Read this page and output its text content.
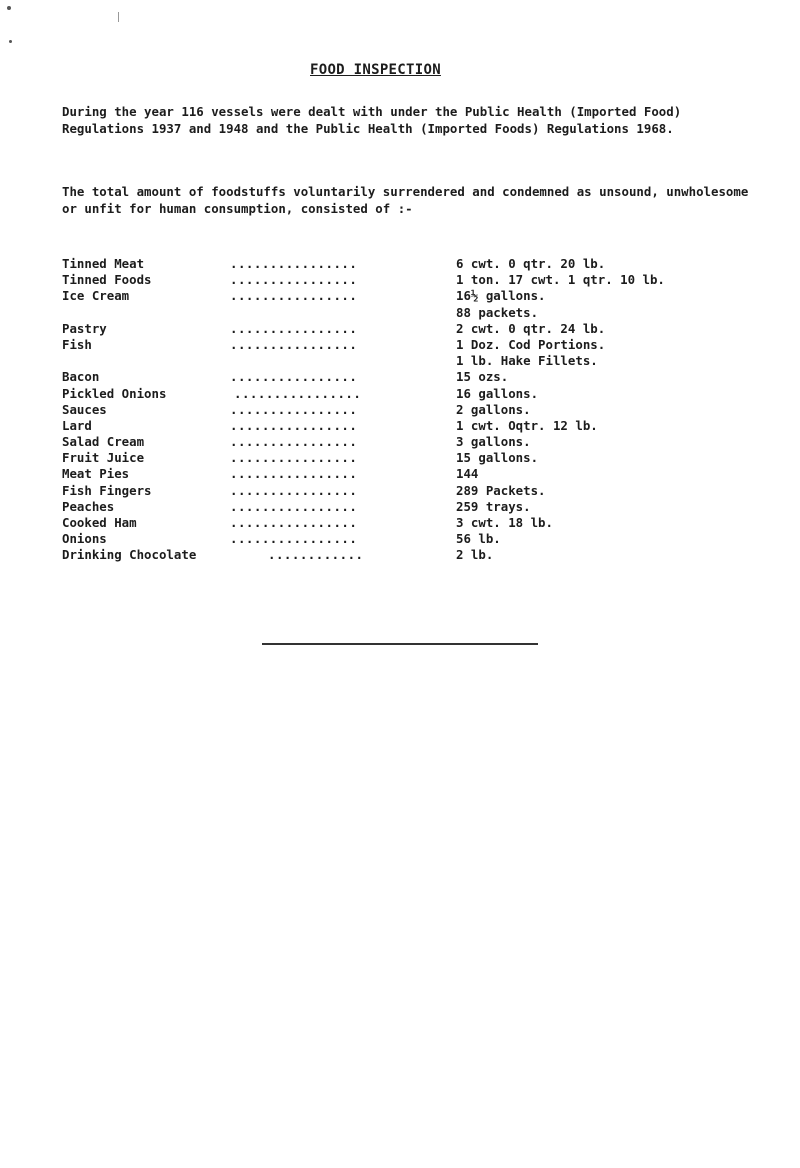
FOOD INSPECTION
During the year 116 vessels were dealt with under the Public Health (Imported Food) Regulations 1937 and 1948 and the Public Health (Imported Foods) Regulations 1968.
The total amount of foodstuffs voluntarily surrendered and condemned as unsound, unwholesome or unfit for human consumption, consisted of :-
Tinned Meat	................	6 cwt. 0 qtr. 20 lb.
Tinned Foods	................	1 ton. 17 cwt. 1 qtr. 10 lb.
Ice Cream	................	16½ gallons.
88 packets.
Pastry	................	2 cwt. 0 qtr. 24 lb.
Fish	................	1 Doz. Cod Portions.
1 lb. Hake Fillets.
Bacon	................	15 ozs.
Pickled Onions	................	16 gallons.
Sauces	................	2 gallons.
Lard	................	1 cwt. Oqtr. 12 lb.
Salad Cream	................	3 gallons.
Fruit Juice	................	15 gallons.
Meat Pies	................	144
Fish Fingers	................	289 Packets.
Peaches	................	259 trays.
Cooked Ham	................	3 cwt. 18 lb.
Onions	................	56 lb.
Drinking Chocolate	............	2 lb.
